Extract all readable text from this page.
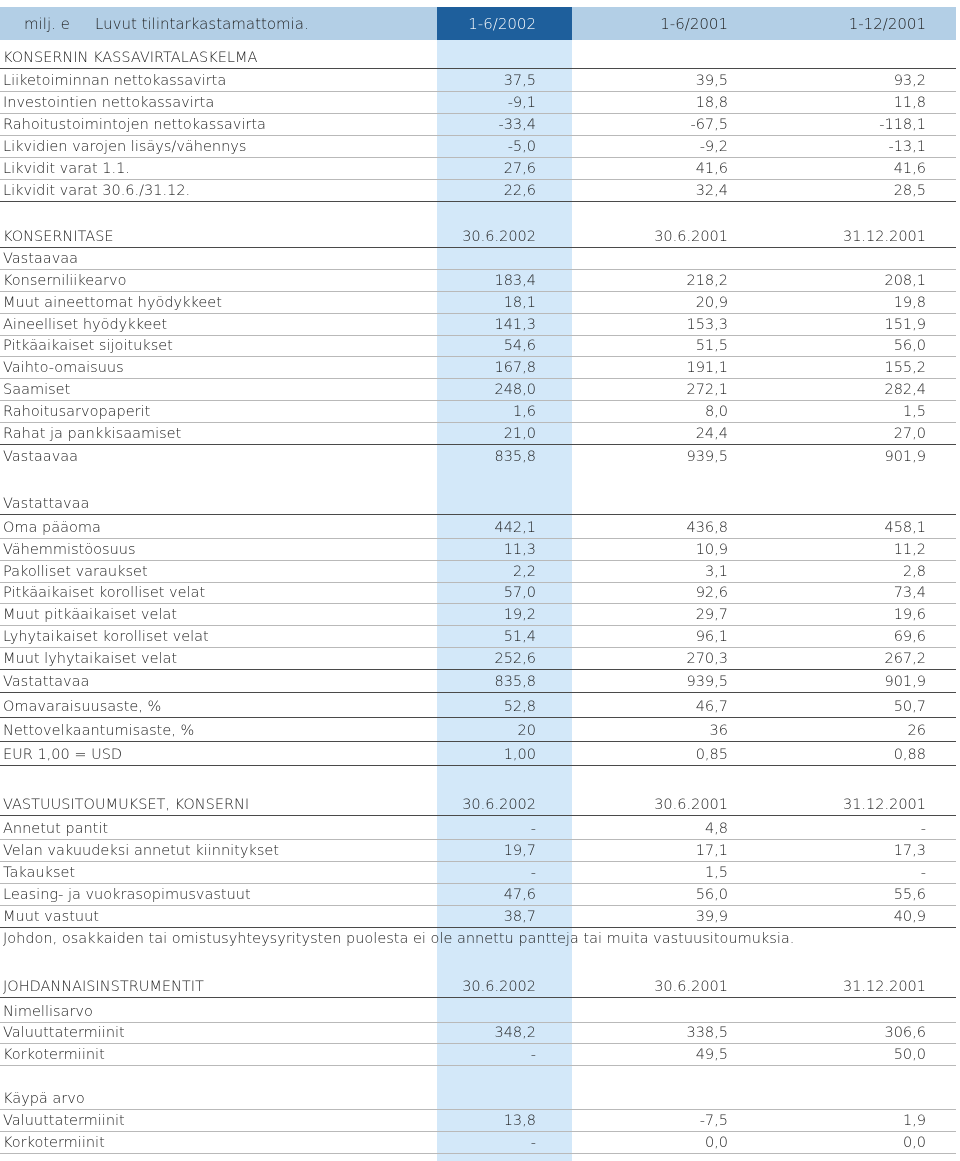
milj. e Luvut tilintarkastamattomia.	1-6/2002	1-6/2001	1-12/2001
KONSERNIN KASSAVIRTALASKELMA
Liiketoiminnan nettokassavirta	37,5	39,5	93,2
Investointien nettokassavirta	-9,1	18,8	11,8
Rahoitustoimintojen nettokassavirta	-33,4	-67,5	-118,1
Likvidien varojen lisäys/vähennys	-5,0	-9,2	-13,1
Likvidit varat 1.1.	27,6	41,6	41,6
Likvidit varat 30.6./31.12.	22,6	32,4	28,5
KONSERNITASE	30.6.2002	30.6.2001	31.12.2001
Vastaavaa
Konserniliikearvo	183,4	218,2	208,1
Muut aineettomat hyödykkeet	18,1	20,9	19,8
Aineelliset hyödykkeet	141,3	153,3	151,9
Pitkäaikaiset sijoitukset	54,6	51,5	56,0
Vaihto-omaisuus	167,8	191,1	155,2
Saamiset	248,0	272,1	282,4
Rahoitusarvopaperit	1,6	8,0	1,5
Rahat ja pankkisaamiset	21,0	24,4	27,0
Vastaavaa	835,8	939,5	901,9
Vastattavaa
Oma pääoma	442,1	436,8	458,1
Vähemmistöosuus	11,3	10,9	11,2
Pakolliset varaukset	2,2	3,1	2,8
Pitkäaikaiset korolliset velat	57,0	92,6	73,4
Muut pitkäaikaiset velat	19,2	29,7	19,6
Lyhytaikaiset korolliset velat	51,4	96,1	69,6
Muut lyhytaikaiset velat	252,6	270,3	267,2
Vastattavaa	835,8	939,5	901,9
Omavaraisuusaste, %	52,8	46,7	50,7
Nettovelkaantumisaste, %	20	36	26
EUR 1,00 = USD	1,00	0,85	0,88
VASTUUSITOUMUKSET, KONSERNI	30.6.2002	30.6.2001	31.12.2001
Annetut pantit	-	4,8	-
Velan vakuudeksi annetut kiinnitykset	19,7	17,1	17,3
Takaukset	-	1,5	-
Leasing- ja vuokrasopimusvastuut	47,6	56,0	55,6
Muut vastuut	38,7	39,9	40,9
Johdon, osakkaiden tai omistusyhteysyritysten puolesta ei ole annettu pantteja tai muita vastuusitoumuksia.
JOHDANNAISINSTRUMENTIT	30.6.2002	30.6.2001	31.12.2001
Nimellisarvo
Valuuttatermiinit	348,2	338,5	306,6
Korkotermiinit	-	49,5	50,0
Käypä arvo
Valuuttatermiinit	13,8	-7,5	1,9
Korkotermiinit	-	0,0	0,0
